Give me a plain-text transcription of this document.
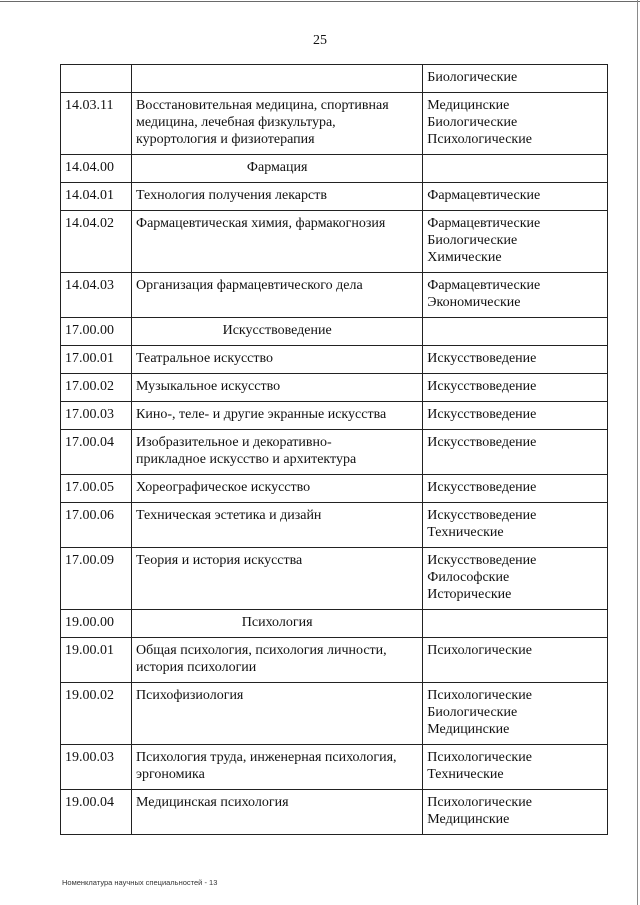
25

		Биологические

14.03.11	Восстановительная медицина, спортивная
медицина, лечебная физкультура,
курортология и физиотерапия	Медицинские
Биологические
Психологические

14.04.00	Фармация	

14.04.01	Технология получения лекарств	Фармацевтические

14.04.02	Фармацевтическая химия, фармакогнозия	Фармацевтические
Биологические
Химические

14.04.03	Организация фармацевтического дела	Фармацевтические
Экономические

17.00.00	Искусствоведение	

17.00.01	Театральное искусство	Искусствоведение

17.00.02	Музыкальное искусство	Искусствоведение

17.00.03	Кино-, теле- и другие экранные искусства	Искусствоведение

17.00.04	Изобразительное и декоративно-
прикладное искусство и архитектура	Искусствоведение

17.00.05	Хореографическое искусство	Искусствоведение

17.00.06	Техническая эстетика и дизайн	Искусствоведение
Технические

17.00.09	Теория и история искусства	Искусствоведение
Философские
Исторические

19.00.00	Психология	

19.00.01	Общая психология, психология личности,
история психологии	Психологические

19.00.02	Психофизиология	Психологические
Биологические
Медицинские

19.00.03	Психология труда, инженерная психология,
эргономика	Психологические
Технические

19.00.04	Медицинская психология	Психологические
Медицинские
Номенклатура научных специальностей - 13
